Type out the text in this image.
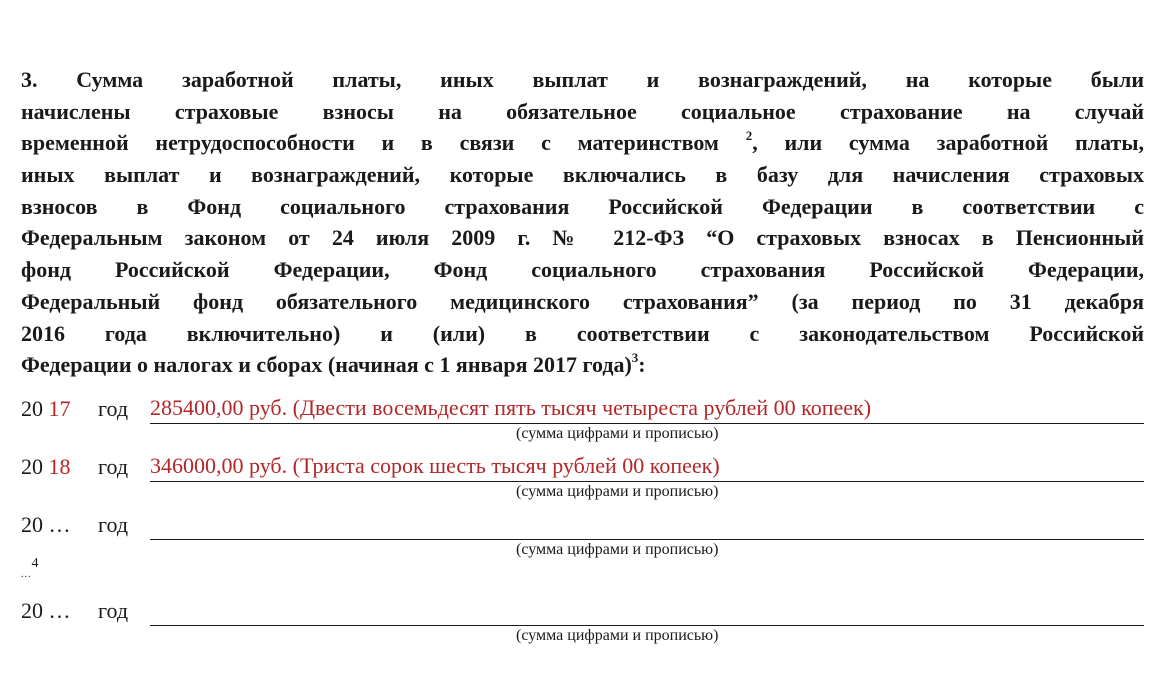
3. Сумма заработной платы, иных выплат и вознаграждений, на которые были
начислены страховые взносы на обязательное социальное страхование на случай
временной нетрудоспособности и в связи с материнством $^2$, или сумма заработной платы,
иных выплат и вознаграждений, которые включались в базу для начисления страховых
взносов в Фонд социального страхования Российской Федерации в соответствии с
Федеральным законом от 24 июля 2009 г. № 212-ФЗ “О страховых взносах в Пенсионный
фонд Российской Федерации, Фонд социального страхования Российской Федерации,
Федеральный фонд обязательного медицинского страхования” (за период по 31 декабря
2016 года включительно) и (или) в соответствии с законодательством Российской
Федерации о налогах и сборах (начиная с 1 января 2017 года)$^3$:
20 17 год 285400,00 руб. (Двести восемьдесят пять тысяч четыреста рублей 00 копеек)
(сумма цифрами и прописью)
20 18 год 346000,00 руб. (Триста сорок шесть тысяч рублей 00 копеек)
(сумма цифрами и прописью)
20 … год
(сумма цифрами и прописью)
...$^4$
20 … год
(сумма цифрами и прописью)
